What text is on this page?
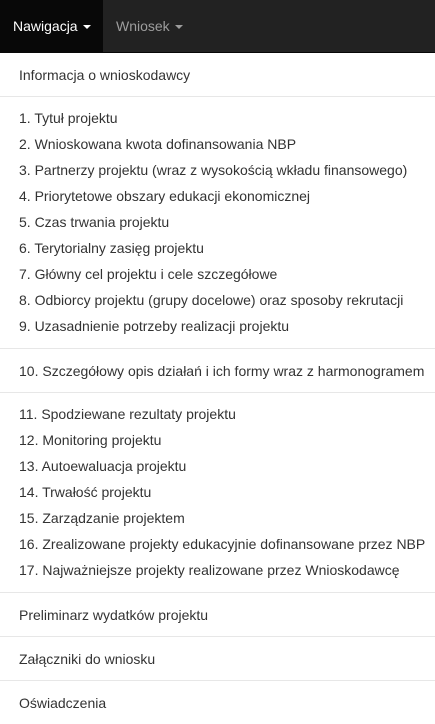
Nawigacja	Wniosek
Informacja o wnioskodawcy
1. Tytuł projektu
2. Wnioskowana kwota dofinansowania NBP
3. Partnerzy projektu (wraz z wysokością wkładu finansowego)
4. Priorytetowe obszary edukacji ekonomicznej
5. Czas trwania projektu
6. Terytorialny zasięg projektu
7. Główny cel projektu i cele szczegółowe
8. Odbiorcy projektu (grupy docelowe) oraz sposoby rekrutacji
9. Uzasadnienie potrzeby realizacji projektu
10. Szczegółowy opis działań i ich formy wraz z harmonogramem
11. Spodziewane rezultaty projektu
12. Monitoring projektu
13. Autoewaluacja projektu
14. Trwałość projektu
15. Zarządzanie projektem
16. Zrealizowane projekty edukacyjnie dofinansowane przez NBP
17. Najważniejsze projekty realizowane przez Wnioskodawcę
Preliminarz wydatków projektu
Załączniki do wniosku
Oświadczenia
